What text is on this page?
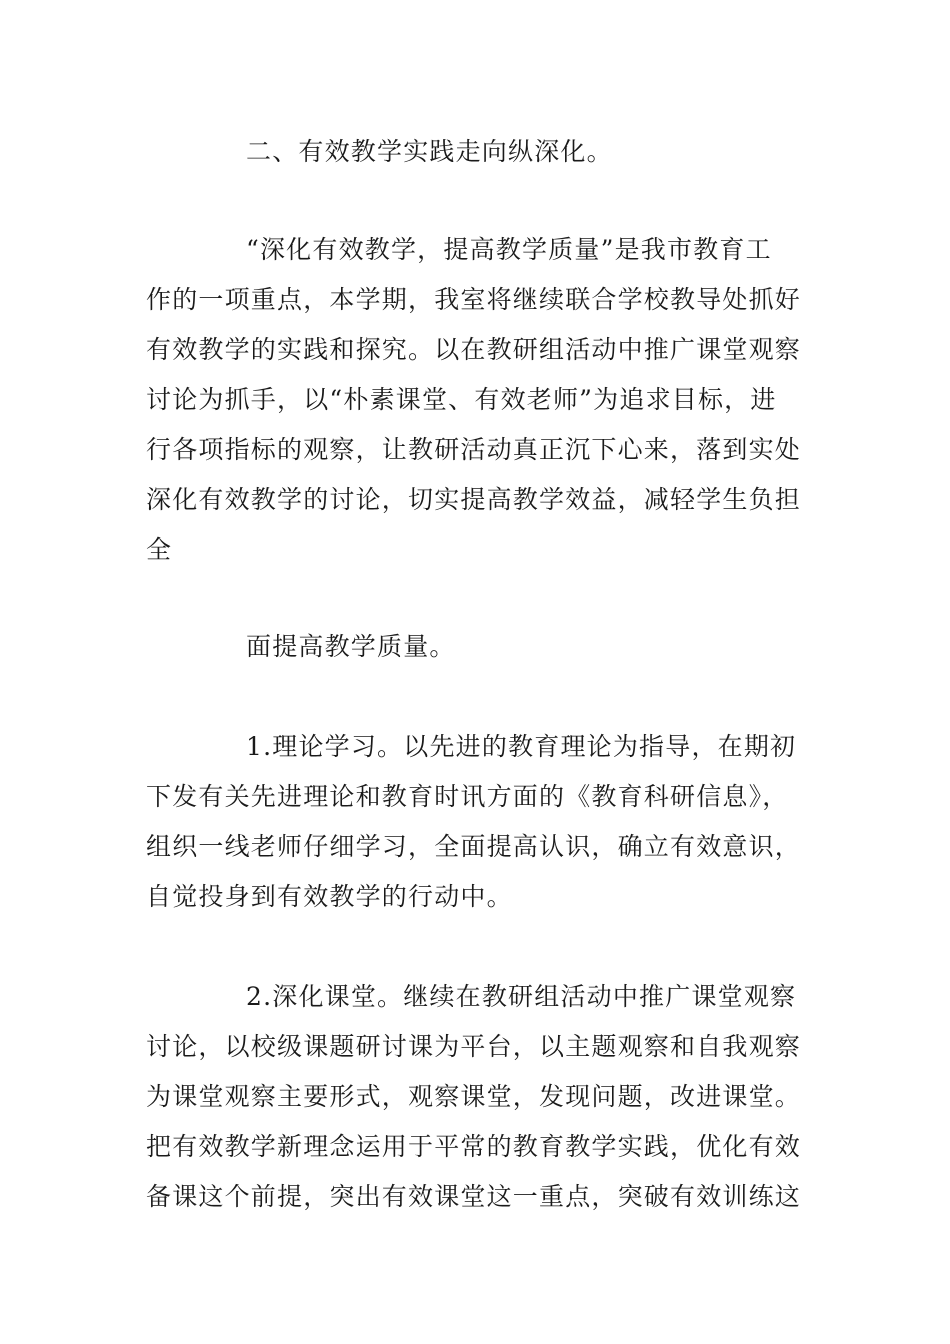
二、有效教学实践走向纵深化。
“深化有效教学，提高教学质量”是我市教育工
作的一项重点，本学期，我室将继续联合学校教导处抓好
有效教学的实践和探究。以在教研组活动中推广课堂观察
讨论为抓手，以“朴素课堂、有效老师”为追求目标，进
行各项指标的观察，让教研活动真正沉下心来，落到实处
深化有效教学的讨论，切实提高教学效益，减轻学生负担
全
面提高教学质量。
1.理论学习。以先进的教育理论为指导，在期初
下发有关先进理论和教育时讯方面的《教育科研信息》，
组织一线老师仔细学习，全面提高认识，确立有效意识，
自觉投身到有效教学的行动中。
2.深化课堂。继续在教研组活动中推广课堂观察
讨论，以校级课题研讨课为平台，以主题观察和自我观察
为课堂观察主要形式，观察课堂，发现问题，改进课堂。
把有效教学新理念运用于平常的教育教学实践，优化有效
备课这个前提，突出有效课堂这一重点，突破有效训练这
